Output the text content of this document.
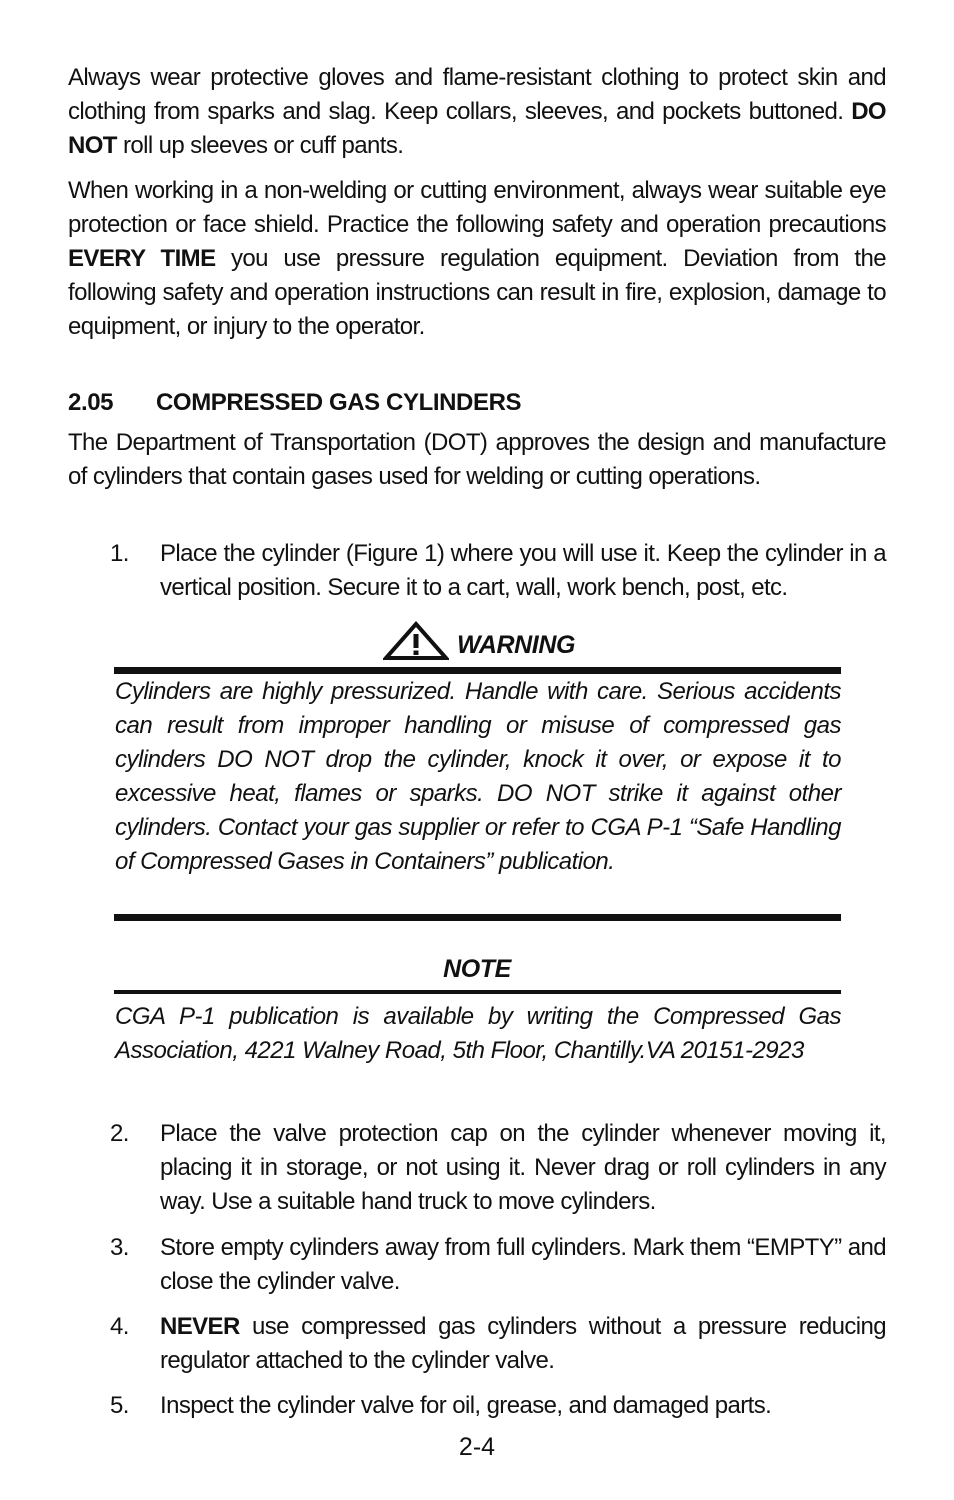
Always wear protective gloves and flame-resistant clothing to protect skin and clothing from sparks and slag. Keep collars, sleeves, and pockets buttoned. DO NOT roll up sleeves or cuff pants.

When working in a non-welding or cutting environment, always wear suitable eye protection or face shield. Practice the following safety and operation precautions EVERY TIME you use pressure regulation equipment. Deviation from the following safety and operation instructions can result in fire, explosion, damage to equipment, or injury to the operator.

2.05 COMPRESSED GAS CYLINDERS

The Department of Transportation (DOT) approves the design and manufacture of cylinders that contain gases used for welding or cutting operations.

1.	Place the cylinder (Figure 1) where you will use it. Keep the cylinder in a vertical position. Secure it to a cart, wall, work bench, post, etc.
WARNING

Cylinders are highly pressurized. Handle with care. Serious accidents can result from improper handling or misuse of compressed gas cylinders DO NOT drop the cylinder, knock it over, or expose it to excessive heat, flames or sparks. DO NOT strike it against other cylinders. Contact your gas supplier or refer to CGA P-1 “Safe Handling of Compressed Gases in Containers” publication.

NOTE

CGA P-1 publication is available by writing the Compressed Gas Association, 4221 Walney Road, 5th Floor, Chantilly.VA 20151-2923

2.	Place the valve protection cap on the cylinder whenever moving it, placing it in storage, or not using it. Never drag or roll cylinders in any way. Use a suitable hand truck to move cylinders.
3.	Store empty cylinders away from full cylinders. Mark them “EMPTY” and close the cylinder valve.
4.	NEVER use compressed gas cylinders without a pressure reducing regulator attached to the cylinder valve.
5.	Inspect the cylinder valve for oil, grease, and damaged parts.
2-4
